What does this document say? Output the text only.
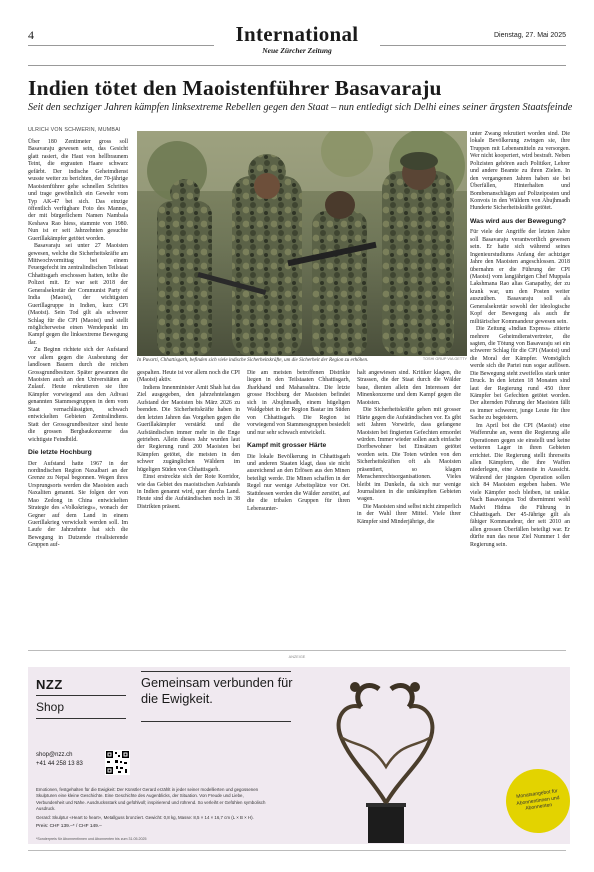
4	International
Neue Zürcher Zeitung
Dienstag, 27. Mai 2025
Indien tötet den Maoistenführer Basavaraju
Seit den sechziger Jahren kämpfen linksextreme Rebellen gegen den Staat – nun entledigt sich Delhi eines seiner ärgsten Staatsfeinde
ULRICH VON SCHWERIN, MUMBAI

Über 180 Zentimeter gross soll Basavaraju gewesen sein, das Gesicht glatt rasiert, die Haut von hellbraunem Teint, die ergrauten Haare schwarz gefärbt. Der indische Geheimdienst wusste weiter zu berichten, der 70-jährige Maoistenführer gehe schnellen Schrittes und trage gewöhnlich ein Gewehr vom Typ AK-47 bei sich. Das einzige öffentlich verfügbare Foto des Mannes, der mit bürgerlichem Namen Nambala Keshava Rao hiess, stammte von 1980. Nun ist er seit Jahrzehnten gesuchte Guerillakämpfer getötet worden.

Basavaraju sei unter 27 Maoisten gewesen, welche die Sicherheitskräfte am Mittwochvormittag bei einem Feuergefecht im zentralindischen Teilstaat Chhattisgarh erschossen hatten, teilte die Polizei mit. Er war seit 2018 der Generalsekretär der Communist Party of India (Maoist), der wichtigsten Guerillagruppe in Indien, kurz CPI (Maoist). Sein Tod gilt als schwerer Schlag für die CPI (Maoist) und stellt möglicherweise einen Wendepunkt im Kampf gegen die linksextreme Bewegung dar.

Zu Beginn richtete sich der Aufstand vor allem gegen die Ausbeutung der landlosen Bauern durch die reichen Grossgrundbesitzer. Später gewannen die Maoisten auch an den Universitäten an Zulauf. Heute rekrutieren sie ihre Kämpfer vorwiegend aus den Adivasi genannten Stammesgruppen in dem vom Staat vernachlässigten, schwach entwickelten Gebieten Zentralindiens. Statt der Grossgrundbesitzer sind heute die grossen Bergbaukonzerne das wichtigste Feindbild.

Die letzte Hochburg

Der Aufstand hatte 1967 in der nordindischen Region Naxalbari an der Grenze zu Nepal begonnen. Wegen ihres Ursprungsorts werden die Maoisten auch Naxaliten genannt. Sie folgen der von Mao Zedong in China entwickelten Strategie des «Volkskriegs», wonach der Gegner auf dem Land in einem Guerillakrieg verwickelt werden soll. Im Laufe der Jahrzehnte hat sich die Bewegung in Dutzende rivalisierende Gruppen auf-

In Puvarti, Chhattisgarh, befinden sich viele indische Sicherheitskräfte, um die Sicherheit der Region zu erhöhen.	TOSHI GRUP VIA GETTY

gespalten. Heute ist vor allem noch die CPI (Maoist) aktiv.

Indiens Innenminister Amit Shah hat das Ziel ausgegeben, den jahrzehntelangen Aufstand der Maoisten bis März 2026 zu beenden. Die Sicherheitskräfte haben in den letzten Jahren das Vorgehen gegen die Guerillakämpfer verstärkt und die Aufständischen immer mehr in die Enge getrieben. Allein dieses Jahr wurden laut der Regierung rund 200 Maoisten bei Kämpfen getötet, die meisten in den schwer zugänglichen Wäldern im hügeligen Süden von Chhattisgarh.

Einst erstreckte sich der Rote Korridor, wie das Gebiet des maoistischen Aufstands in Indien genannt wird, quer durchs Land. Heute sind die Aufständischen noch in 38 Distrikten präsent.

Die am meisten betroffenen Distrikte liegen in den Teilstaaten Chhattisgarh, Jharkhand und Maharashtra. Die letzte grosse Hochburg der Maoisten befindet sich in Abujhmadh, einem hügeligen Waldgebiet in der Region Bastar im Süden von Chhattisgarh. Die Region ist vorwiegend von Stammesgruppen besiedelt und nur sehr schwach entwickelt.

Kampf mit grosser Härte

Die lokale Bevölkerung in Chhattisgarh und anderen Staaten klagt, dass sie nicht ausreichend an den Erlösen aus den Minen beteiligt werde. Die Minen schaffen in der Regel nur wenige Arbeitsplätze vor Ort. Stattdessen werden die Wälder zerstört, auf die die tribalen Gruppen für ihren Lebensunter-

halt angewiesen sind. Kritiker klagen, die Strassen, die der Staat durch die Wälder baue, dienten allein den Interessen der Minenkonzerne und dem Kampf gegen die Maoisten.

Die Sicherheitskräfte gehen mit grosser Härte gegen die Aufständischen vor. Es gibt seit Jahren Vorwürfe, dass gefangene Maoisten bei fingierten Gefechten ermordet würden. Immer wieder sollen auch einfache Dorfbewohner bei Einsätzen getötet worden sein. Die Toten würden von den Sicherheitskräften oft als Maoisten präsentiert, so klagen Menschenrechtsorganisationen. Vieles bleibt im Dunkeln, da sich nur wenige Journalisten in die umkämpften Gebieten wagen.

Die Maoisten sind selbst nicht zimperlich in der Wahl ihrer Mittel. Viele ihrer Kämpfer sind Minderjährige, die

unter Zwang rekrutiert worden sind. Die lokale Bevölkerung zwingen sie, ihre Truppen mit Lebensmitteln zu versorgen. Wer nicht kooperiert, wird bestraft. Neben Polizisten gehören auch Politiker, Lehrer und andere Beamte zu ihren Zielen. In den vergangenen Jahren haben sie bei Überfällen, Hinterhalten und Bombenanschlägen auf Polizeiposten und Konvois in den Wäldern von Abujhmadh Hunderte Sicherheitskräfte getötet.

Was wird aus der Bewegung?

Für viele der Angriffe der letzten Jahre soll Basavaraju verantwortlich gewesen sein. Er hatte sich während seines Ingenieurstudiums Anfang der achtziger Jahre den Maoisten angeschlossen. 2018 übernahm er die Führung der CPI (Maoist) vom langjährigen Chef Muppala Lakshmana Rao alias Ganapathy, der zu krank war, um den Posten weiter auszuüben. Basavaraju soll als Generalsekretär sowohl der ideologische Kopf der Bewegung als auch ihr militärischer Kommandeur gewesen sein.

Die Zeitung «Indian Express» zitierte mehrere Geheimdienstvertreter, die sagten, die Tötung von Basavaraju sei ein schwerer Schlag für die CPI (Maoist) und die Moral der Kämpfer. Womöglich werde sich die Partei nun sogar auflösen. Die Bewegung steht zweifellos stark unter Druck. In den letzten 18 Monaten sind laut der Regierung rund 450 ihrer Kämpfer bei Gefechten getötet worden. Der alternden Führung der Maoisten fällt es immer schwerer, junge Leute für ihre Sache zu begeistern.

Im April bot die CPI (Maoist) eine Waffenruhe an, wenn die Regierung alle Operationen gegen sie einstellt und keine weiteren Lager in ihren Gebieten errichtet. Die Regierung stellt ihrerseits allen Kämpfern, die ihre Waffen niederlegen, eine Amnestie in Aussicht. Während der jüngsten Operation sollen sich 84 Maoisten ergeben haben. Wie viele Kämpfer noch bleiben, ist unklar. Nach Basavarajus Tod übernimmt wohl Madvi Hidma die Führung in Chhattisgarh. Der 45-Jährige gilt als fähiger Kommandeur, der seit 2010 an allen grossen Überfällen beteiligt war. Er dürfte nun das neue Ziel Nummer 1 der Regierung sein.

ANZEIGE
NZZ
Shop
Gemeinsam verbunden für die Ewigkeit.
shop@nzz.ch
+41 44 258 13 83

Emotionen, festgehalten für die Ewigkeit: Der Künstler Gerard erzählt in jeder seiner modellierten und gegossenen Skulpturen eine kleine Geschichte. Eine Geschichte des Augenblicks, der Situation. Von Freude und Liebe, Verbundenheit und Nähe. Ausdrucksstark und gefühlvoll; inspirierend und rührend. So verleiht er Gefühlen symbolisch Ausdruck.

Gerard: Skulptur «Heart to heart», Metallguss bronziert. Gewicht: 0,8 kg, Masse: 8,5 × 14 × 16,7 cm (L × B × H).

Preis: CHF 139.–* / CHF 149.–
*Sonderpreis für Abonnentinnen und Abonnenten bis zum 31.05.2025
Monatsangebot für Abonnentinnen und Abonnenten
